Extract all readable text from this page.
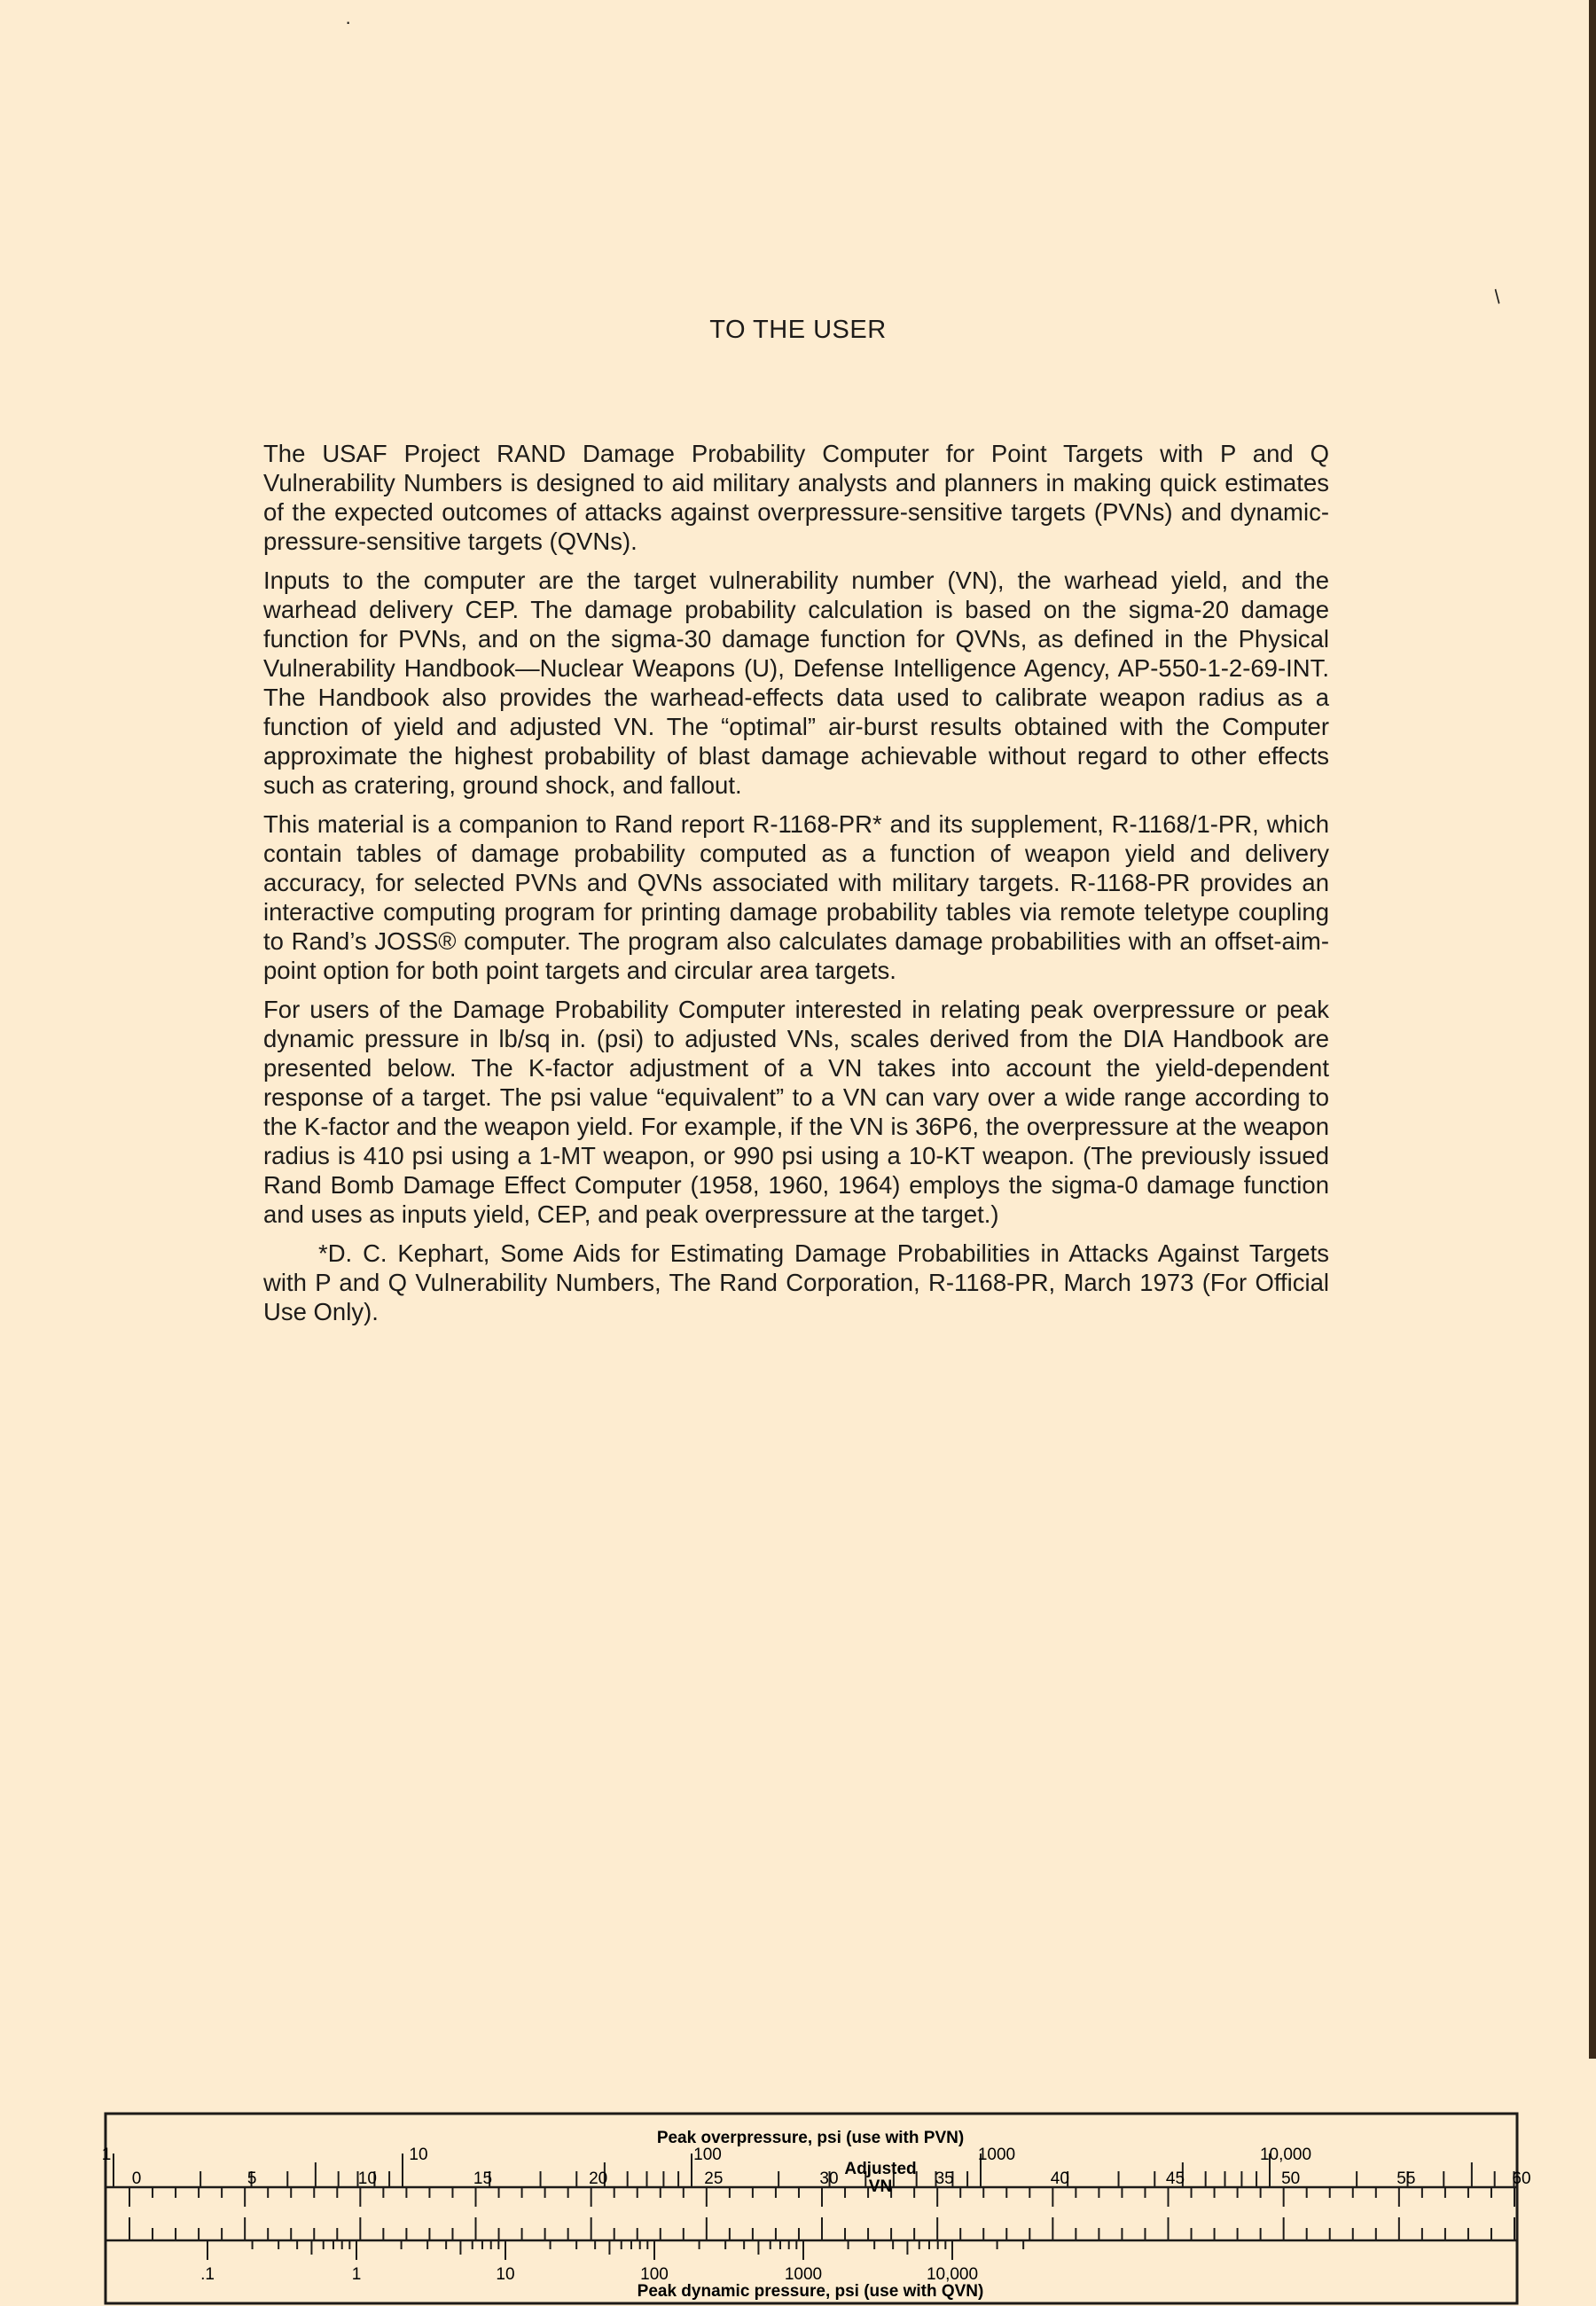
·
/
TO THE USER

The USAF Project RAND Damage Probability Computer for Point Targets with P and Q Vulnerability Numbers is designed to aid military analysts and planners in making quick estimates of the expected outcomes of attacks against overpressure-sensitive targets (PVNs) and dynamic-pressure-sensitive targets (QVNs).

Inputs to the computer are the target vulnerability number (VN), the warhead yield, and the warhead delivery CEP. The damage probability calculation is based on the sigma-20 damage function for PVNs, and on the sigma-30 damage function for QVNs, as defined in the Physical Vulnerability Handbook—Nuclear Weapons (U), Defense Intelligence Agency, AP-550-1-2-69-INT. The Handbook also provides the warhead-effects data used to calibrate weapon radius as a function of yield and adjusted VN. The “optimal” air-burst results obtained with the Computer approximate the highest probability of blast damage achievable without regard to other effects such as cratering, ground shock, and fallout.

This material is a companion to Rand report R-1168-PR* and its supplement, R-1168/1-PR, which contain tables of damage probability computed as a function of weapon yield and delivery accuracy, for selected PVNs and QVNs associated with military targets. R-1168-PR provides an interactive computing program for printing damage probability tables via remote teletype coupling to Rand’s JOSS® computer. The program also calculates damage probabilities with an offset-aim-point option for both point targets and circular area targets.

For users of the Damage Probability Computer interested in relating peak overpressure or peak dynamic pressure in lb/sq in. (psi) to adjusted VNs, scales derived from the DIA Handbook are presented below. The K-factor adjustment of a VN takes into account the yield-dependent response of a target. The psi value “equivalent” to a VN can vary over a wide range according to the K-factor and the weapon yield. For example, if the VN is 36P6, the overpressure at the weapon radius is 410 psi using a 1-MT weapon, or 990 psi using a 10-KT weapon. (The previously issued Rand Bomb Damage Effect Computer (1958, 1960, 1964) employs the sigma-0 damage function and uses as inputs yield, CEP, and peak overpressure at the target.)

*D. C. Kephart, Some Aids for Estimating Damage Probabilities in Attacks Against Targets with P and Q Vulnerability Numbers, The Rand Corporation, R-1168-PR, March 1973 (For Official Use Only).

Peak overpressure, psi (use with PVN)
1	10	100	1000	10,000
0	5	10	15	20	25	30	35	40	45	50	55	60
Adjusted
VN
.1	1	10	100	1000	10,000
Peak dynamic pressure, psi (use with QVN)
